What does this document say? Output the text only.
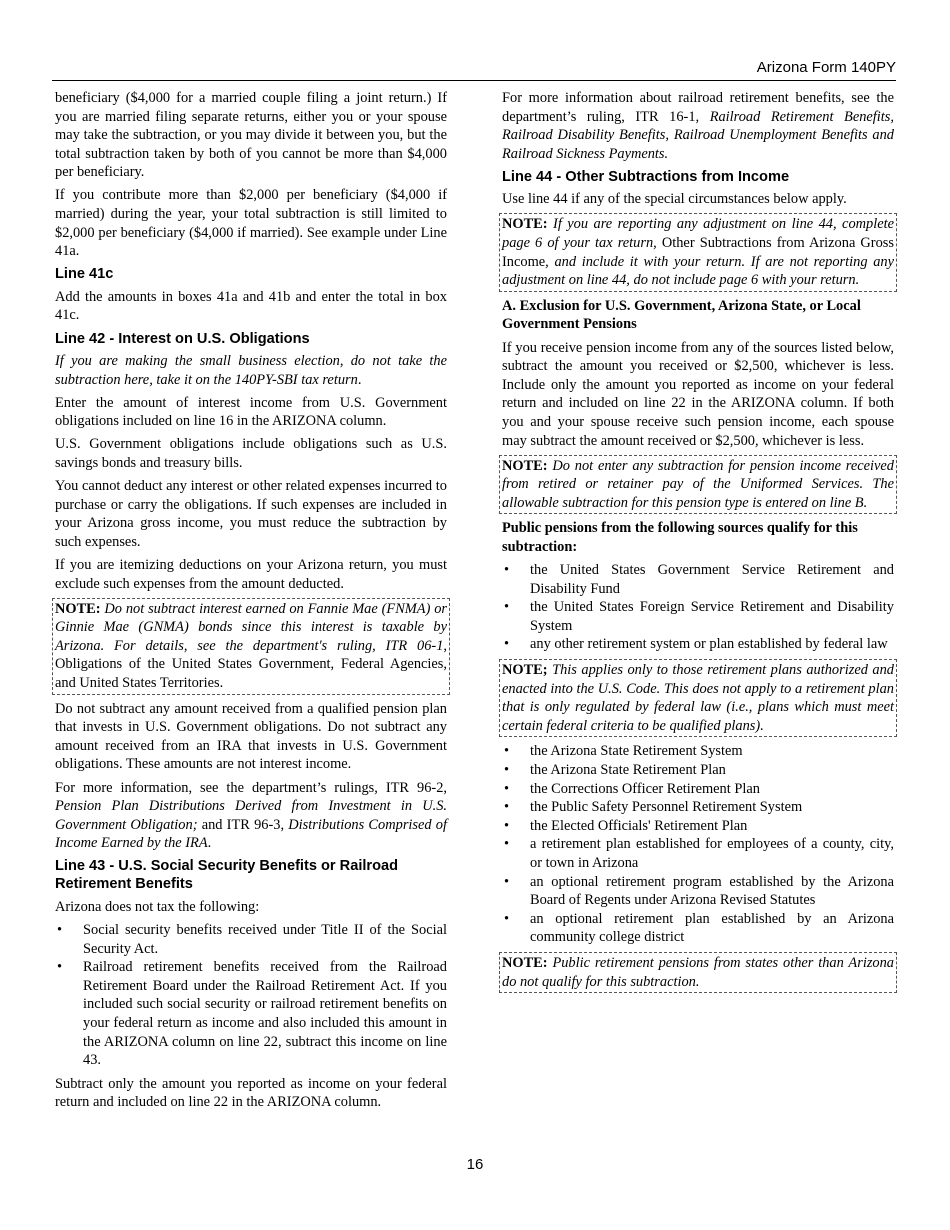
Arizona Form 140PY

beneficiary ($4,000 for a married couple filing a joint return.) If you are married filing separate returns, either you or your spouse may take the subtraction, or you may divide it between you, but the total subtraction taken by both of you cannot be more than $4,000 per beneficiary.

If you contribute more than $2,000 per beneficiary ($4,000 if married) during the year, your total subtraction is still limited to $2,000 per beneficiary ($4,000 if married). See example under Line 41a.

Line 41c

Add the amounts in boxes 41a and 41b and enter the total in box 41c.

Line 42 - Interest on U.S. Obligations

If you are making the small business election, do not take the subtraction here, take it on the 140PY-SBI tax return.

Enter the amount of interest income from U.S. Government obligations included on line 16 in the ARIZONA column.

U.S. Government obligations include obligations such as U.S. savings bonds and treasury bills.

You cannot deduct any interest or other related expenses incurred to purchase or carry the obligations. If such expenses are included in your Arizona gross income, you must reduce the subtraction by such expenses.

If you are itemizing deductions on your Arizona return, you must exclude such expenses from the amount deducted.

NOTE: Do not subtract interest earned on Fannie Mae (FNMA) or Ginnie Mae (GNMA) bonds since this interest is taxable by Arizona. For details, see the department's ruling, ITR 06-1, Obligations of the United States Government, Federal Agencies, and United States Territories.

Do not subtract any amount received from a qualified pension plan that invests in U.S. Government obligations. Do not subtract any amount received from an IRA that invests in U.S. Government obligations. These amounts are not interest income.

For more information, see the department’s rulings, ITR 96-2, Pension Plan Distributions Derived from Investment in U.S. Government Obligation; and ITR 96-3, Distributions Comprised of Income Earned by the IRA.

Line 43 - U.S. Social Security Benefits or Railroad Retirement Benefits

Arizona does not tax the following:

• Social security benefits received under Title II of the Social Security Act.
• Railroad retirement benefits received from the Railroad Retirement Board under the Railroad Retirement Act. If you included such social security or railroad retirement benefits on your federal return as income and also included this amount in the ARIZONA column on line 22, subtract this income on line 43.

Subtract only the amount you reported as income on your federal return and included on line 22 in the ARIZONA column.

For more information about railroad retirement benefits, see the department’s ruling, ITR 16-1, Railroad Retirement Benefits, Railroad Disability Benefits, Railroad Unemployment Benefits and Railroad Sickness Payments.

Line 44 - Other Subtractions from Income

Use line 44 if any of the special circumstances below apply.

NOTE: If you are reporting any adjustment on line 44, complete page 6 of your tax return, Other Subtractions from Arizona Gross Income, and include it with your return. If are not reporting any adjustment on line 44, do not include page 6 with your return.
A. Exclusion for U.S. Government, Arizona State, or Local Government Pensions

If you receive pension income from any of the sources listed below, subtract the amount you received or $2,500, whichever is less. Include only the amount you reported as income on your federal return and included on line 22 in the ARIZONA column. If both you and your spouse receive such pension income, each spouse may subtract the amount received or $2,500, whichever is less.

NOTE: Do not enter any subtraction for pension income received from retired or retainer pay of the Uniformed Services. The allowable subtraction for this pension type is entered on line B.
Public pensions from the following sources qualify for this subtraction:
• the United States Government Service Retirement and Disability Fund
• the United States Foreign Service Retirement and Disability System
• any other retirement system or plan established by federal law
NOTE; This applies only to those retirement plans authorized and enacted into the U.S. Code. This does not apply to a retirement plan that is only regulated by federal law (i.e., plans which must meet certain federal criteria to be qualified plans).
• the Arizona State Retirement System
• the Arizona State Retirement Plan
• the Corrections Officer Retirement Plan
• the Public Safety Personnel Retirement System
• the Elected Officials' Retirement Plan
• a retirement plan established for employees of a county, city, or town in Arizona
• an optional retirement program established by the Arizona Board of Regents under Arizona Revised Statutes
• an optional retirement plan established by an Arizona community college district
NOTE: Public retirement pensions from states other than Arizona do not qualify for this subtraction.
16
